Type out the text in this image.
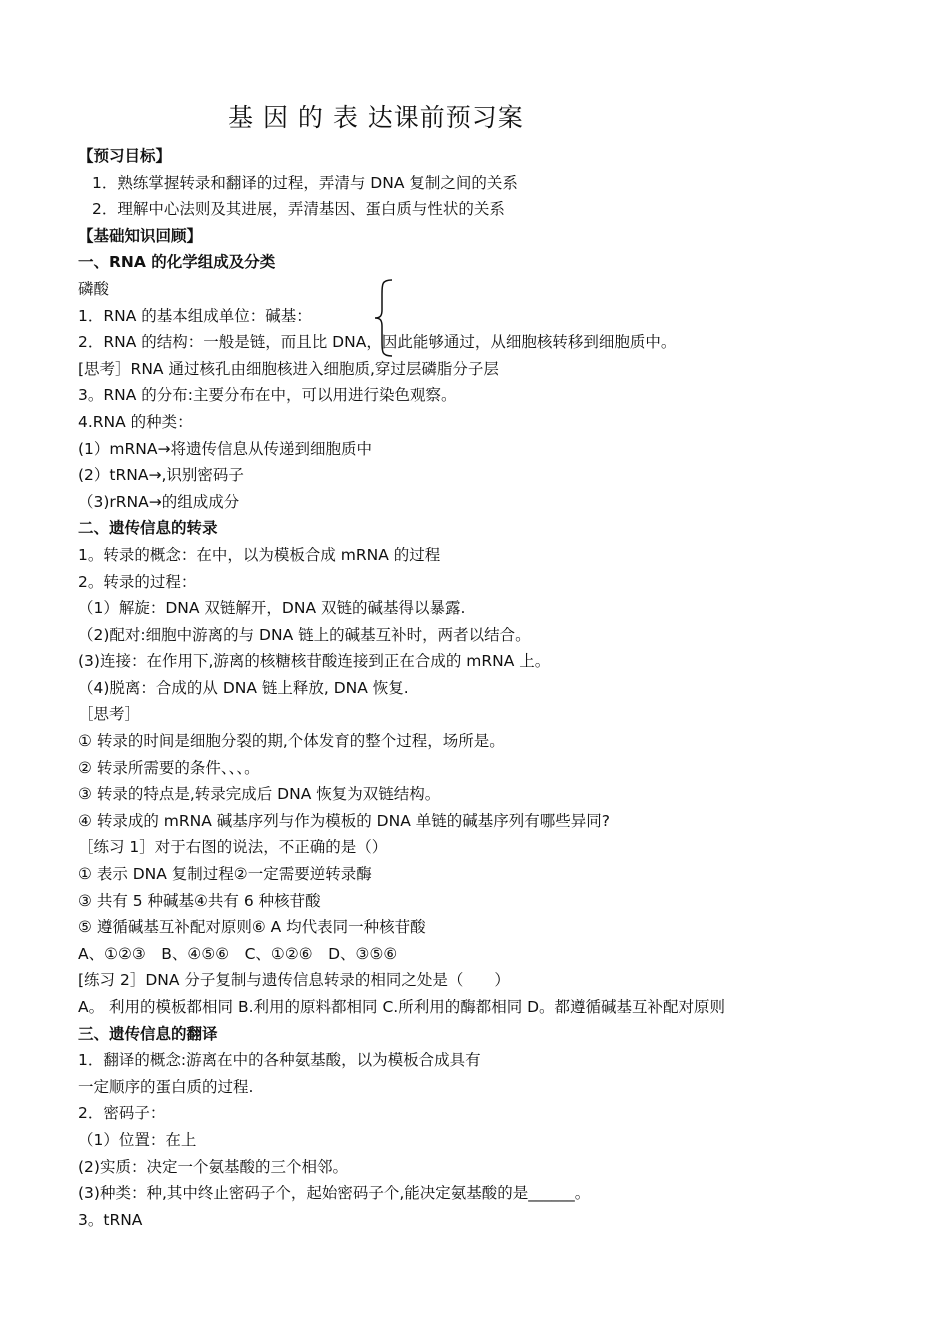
基 因 的 表 达课前预习案
【预习目标】
1．熟练掌握转录和翻译的过程，弄清与 DNA 复制之间的关系
2．理解中心法则及其进展，弄清基因、蛋白质与性状的关系
【基础知识回顾】
一、RNA 的化学组成及分类
磷酸
1．RNA 的基本组成单位：碱基：
2．RNA 的结构：一般是链，而且比 DNA，因此能够通过，从细胞核转移到细胞质中。
[思考］RNA 通过核孔由细胞核进入细胞质,穿过层磷脂分子层
3。RNA 的分布:主要分布在中，可以用进行染色观察。
4.RNA 的种类：
(1）mRNA→将遗传信息从传递到细胞质中
(2）tRNA→,识别密码子
（3)rRNA→的组成成分
二、遗传信息的转录
1。转录的概念：在中，以为模板合成 mRNA 的过程
2。转录的过程：
（1）解旋：DNA 双链解开，DNA 双链的碱基得以暴露.
（2)配对:细胞中游离的与 DNA 链上的碱基互补时，两者以结合。
(3)连接：在作用下,游离的核糖核苷酸连接到正在合成的 mRNA 上。
（4)脱离：合成的从 DNA 链上释放, DNA 恢复.
［思考］
① 转录的时间是细胞分裂的期,个体发育的整个过程，场所是。
② 转录所需要的条件、、、。
③ 转录的特点是,转录完成后 DNA 恢复为双链结构。
④ 转录成的 mRNA 碱基序列与作为模板的 DNA 单链的碱基序列有哪些异同?
［练习 1］对于右图的说法，不正确的是（）
① 表示 DNA 复制过程②一定需要逆转录酶
③ 共有 5 种碱基④共有 6 种核苷酸
⑤ 遵循碱基互补配对原则⑥ A 均代表同一种核苷酸
A、①②③　B、④⑤⑥　C、①②⑥　D、③⑤⑥
[练习 2］DNA 分子复制与遗传信息转录的相同之处是（　　）
A。 利用的模板都相同 B.利用的原料都相同 C.所利用的酶都相同 D。都遵循碱基互补配对原则
三、遗传信息的翻译
1．翻译的概念:游离在中的各种氨基酸，以为模板合成具有
一定顺序的蛋白质的过程.
2．密码子：
（1）位置：在上
(2)实质：决定一个氨基酸的三个相邻。
(3)种类：种,其中终止密码子个，起始密码子个,能决定氨基酸的是______。
3。tRNA
